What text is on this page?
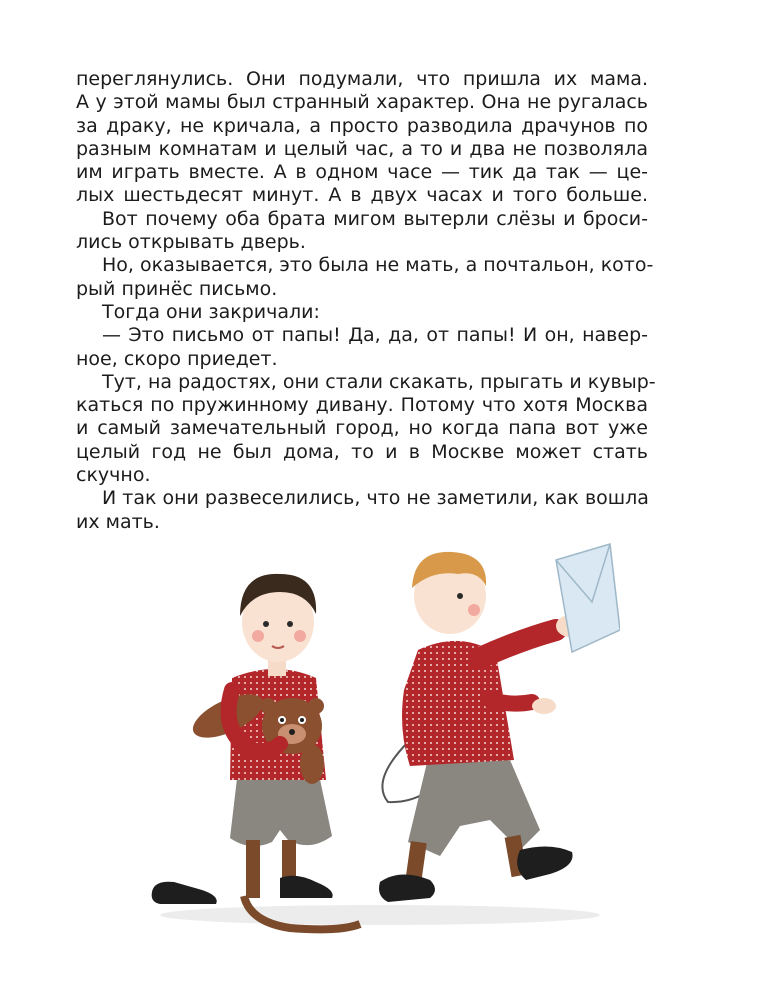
переглянулись. Они подумали, что пришла их мама.
А у этой мамы был странный характер. Она не ругалась
за драку, не кричала, а просто разводила драчунов по
разным комнатам и целый час, а то и два не позволяла
им играть вместе. А в одном часе — тик да так — це-
лых шестьдесят минут. А в двух часах и того больше.
Вот почему оба брата мигом вытерли слёзы и броси-
лись открывать дверь.
Но, оказывается, это была не мать, а почтальон, кото-
рый принёс письмо.
Тогда они закричали:
— Это письмо от папы! Да, да, от папы! И он, навер-
ное, скоро приедет.
Тут, на радостях, они стали скакать, прыгать и кувыр-
каться по пружинному дивану. Потому что хотя Москва
и самый замечательный город, но когда папа вот уже
целый год не был дома, то и в Москве может стать
скучно.
И так они развеселились, что не заметили, как вошла
их мать.
